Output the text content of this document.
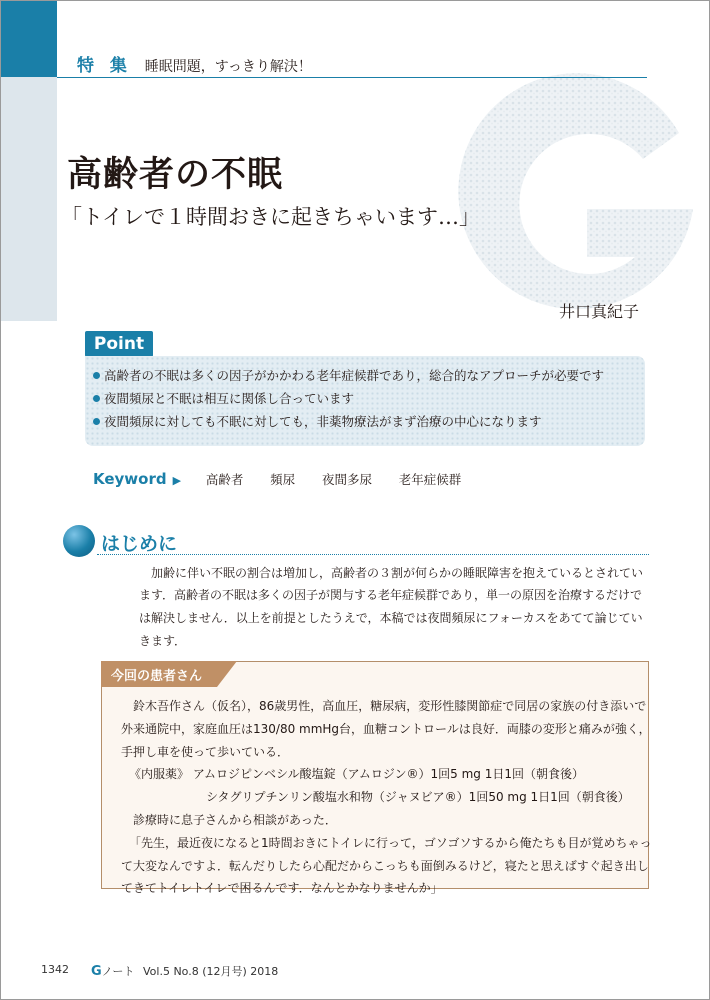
特 集 睡眠問題，すっきり解決！
高齢者の不眠
「トイレで１時間おきに起きちゃいます…」
井口真紀子
Point
高齢者の不眠は多くの因子がかかわる老年症候群であり，総合的なアプローチが必要です
夜間頻尿と不眠は相互に関係し合っています
夜間頻尿に対しても不眠に対しても，非薬物療法がまず治療の中心になります
Keyword ▶ 高齢者 頻尿 夜間多尿 老年症候群
はじめに
加齢に伴い不眠の割合は増加し，高齢者の３割が何らかの睡眠障害を抱えているとされてい
ます．高齢者の不眠は多くの因子が関与する老年症候群であり，単一の原因を治療するだけで
は解決しません．以上を前提としたうえで，本稿では夜間頻尿にフォーカスをあてて論じてい
きます．
今回の患者さん
鈴木吾作さん（仮名），86歳男性，高血圧，糖尿病，変形性膝関節症で同居の家族の付き添いで
外来通院中，家庭血圧は130/80 mmHg台，血糖コントロールは良好．両膝の変形と痛みが強く，
手押し車を使って歩いている．
《内服薬》 アムロジピンベシル酸塩錠（アムロジン®）1回5 mg 1日1回（朝食後）
シタグリプチンリン酸塩水和物（ジャヌビア®）1回50 mg 1日1回（朝食後）
診療時に息子さんから相談があった．
「先生，最近夜になると1時間おきにトイレに行って，ゴソゴソするから俺たちも目が覚めちゃっ
て大変なんですよ．転んだりしたら心配だからこっちも面倒みるけど，寝たと思えばすぐ起き出し
てきてトイレトイレで困るんです．なんとかなりませんか」
1342 Gノート Vol.5 No.8 (12月号) 2018
